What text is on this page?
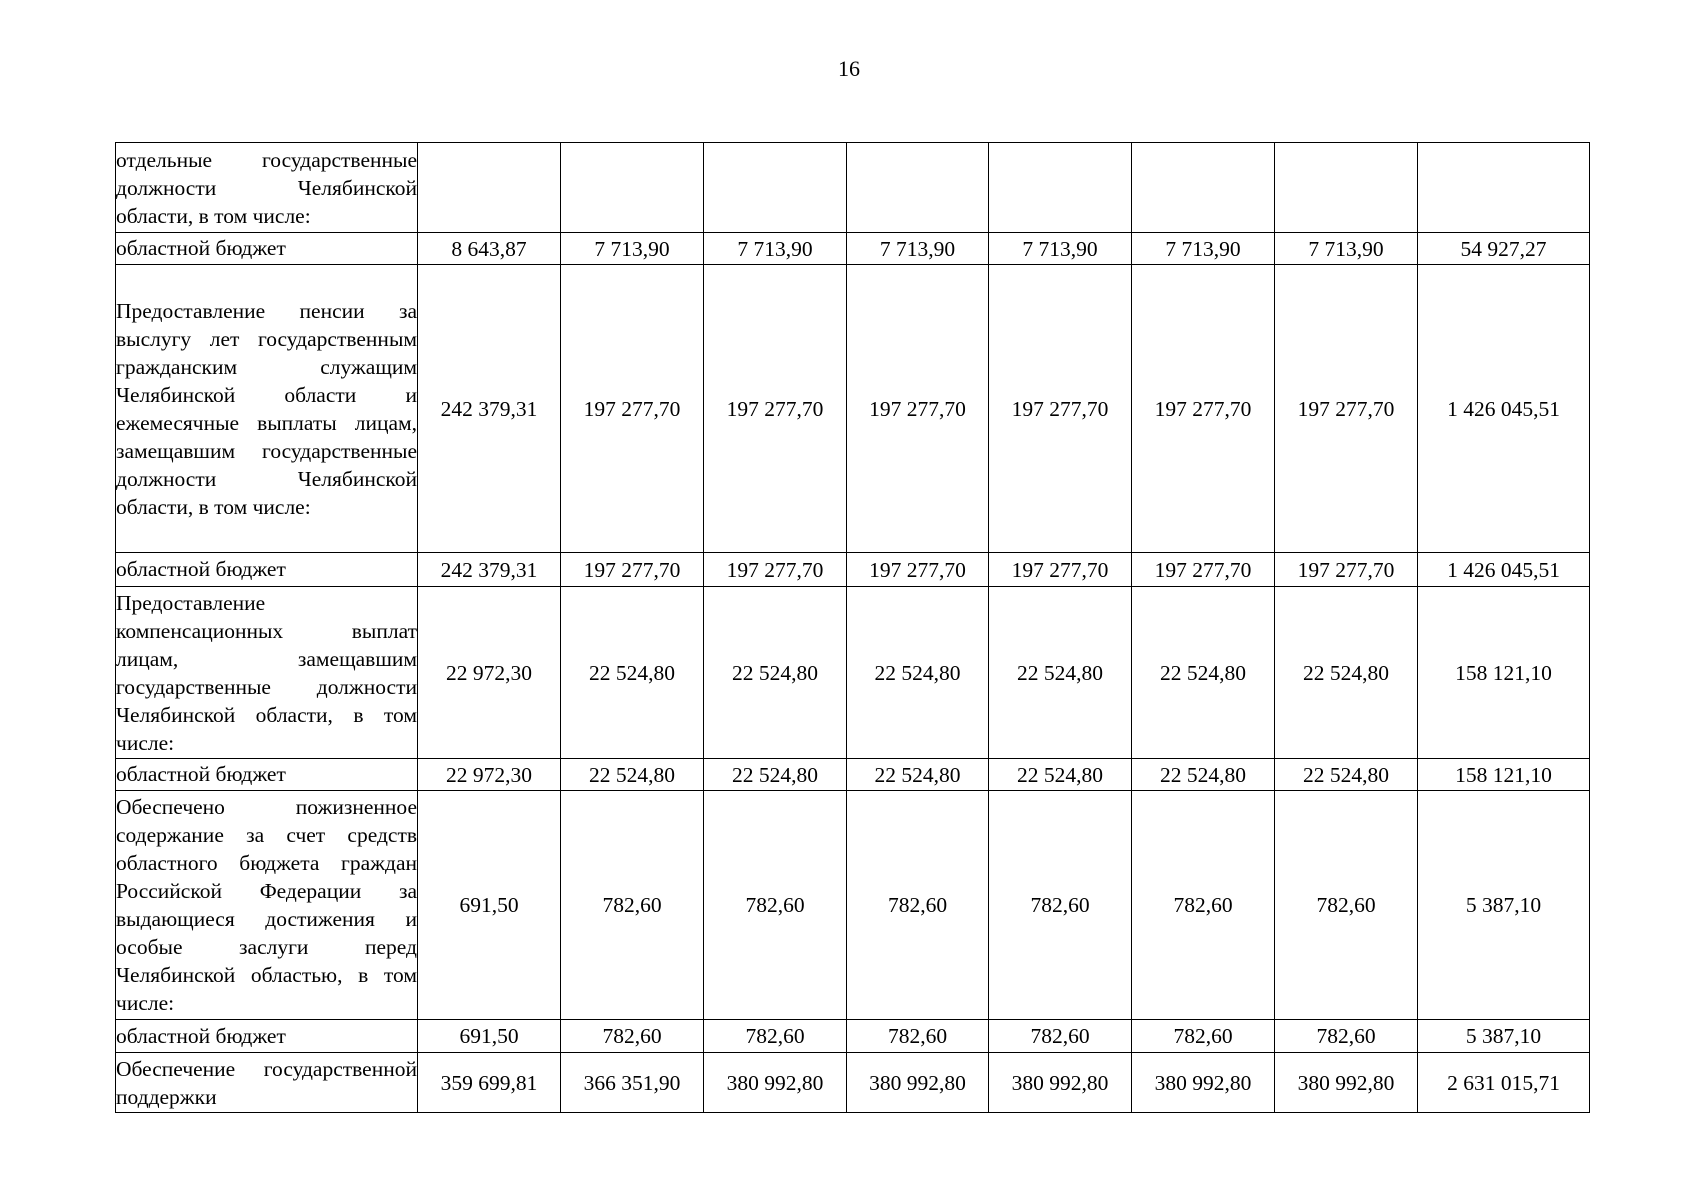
16
отдельные государственные должности Челябинской области, в том числе:								
областной бюджет	8 643,87	7 713,90	7 713,90	7 713,90	7 713,90	7 713,90	7 713,90	54 927,27
Предоставление пенсии за выслугу лет государственным гражданским служащим Челябинской области и ежемесячные выплаты лицам, замещавшим государственные должности Челябинской области, в том числе:	242 379,31	197 277,70	197 277,70	197 277,70	197 277,70	197 277,70	197 277,70	1 426 045,51
областной бюджет	242 379,31	197 277,70	197 277,70	197 277,70	197 277,70	197 277,70	197 277,70	1 426 045,51
Предоставление компенсационных выплат лицам, замещавшим государственные должности Челябинской области, в том числе:	22 972,30	22 524,80	22 524,80	22 524,80	22 524,80	22 524,80	22 524,80	158 121,10
областной бюджет	22 972,30	22 524,80	22 524,80	22 524,80	22 524,80	22 524,80	22 524,80	158 121,10
Обеспечено пожизненное содержание за счет средств областного бюджета граждан Российской Федерации за выдающиеся достижения и особые заслуги перед Челябинской областью, в том числе:	691,50	782,60	782,60	782,60	782,60	782,60	782,60	5 387,10
областной бюджет	691,50	782,60	782,60	782,60	782,60	782,60	782,60	5 387,10
Обеспечение государственной поддержки	359 699,81	366 351,90	380 992,80	380 992,80	380 992,80	380 992,80	380 992,80	2 631 015,71
